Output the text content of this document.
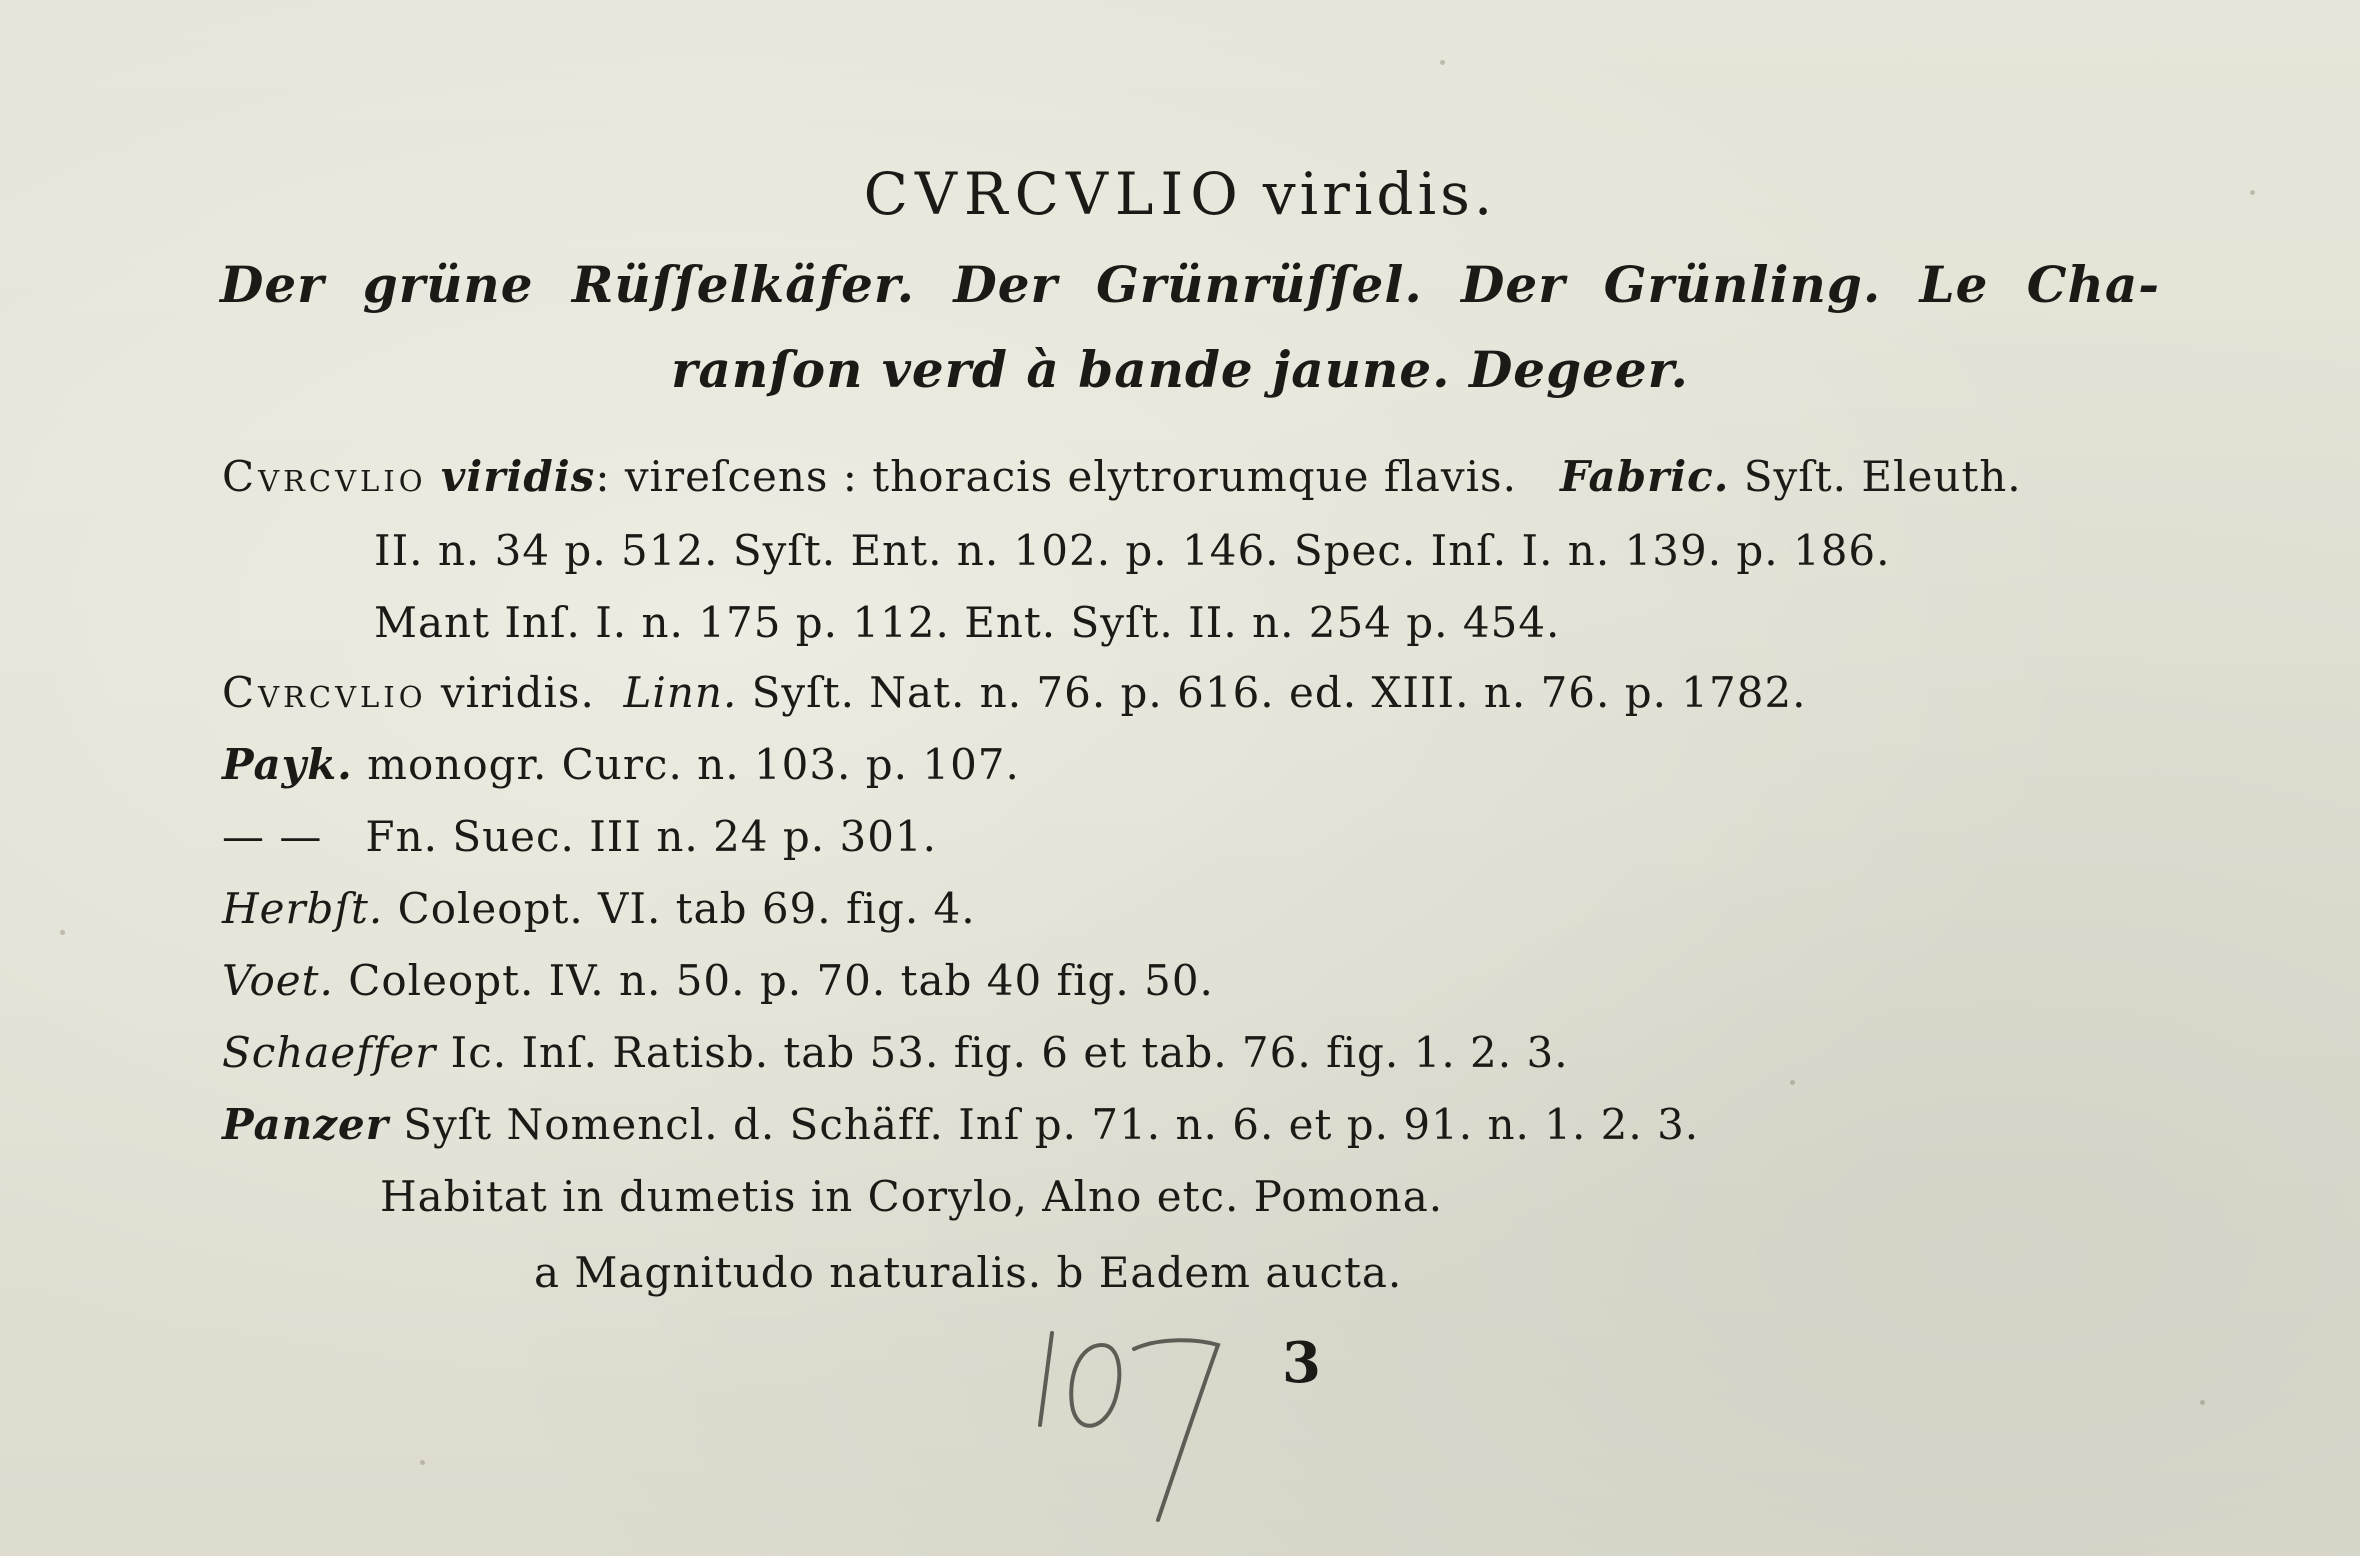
CVRCVLIO viridis.
Der grüne Rüſſelkäfer. Der Grünrüſſel. Der Grünling. Le Cha-
ranſon verd à bande jaune. Degeer.
Cvrcvlio viridis: vireſcens : thoracis elytrorumque flavis. Fabric. Syſt. Eleuth.
II. n. 34 p. 512. Syſt. Ent. n. 102. p. 146. Spec. Inſ. I. n. 139. p. 186.
Mant Inſ. I. n. 175 p. 112. Ent. Syſt. II. n. 254 p. 454.
Cvrcvlio viridis. Linn. Syſt. Nat. n. 76. p. 616. ed. XIII. n. 76. p. 1782.
Payk. monogr. Curc. n. 103. p. 107.
— — Fn. Suec. III n. 24 p. 301.
Herbſt. Coleopt. VI. tab 69. fig. 4.
Voet. Coleopt. IV. n. 50. p. 70. tab 40 fig. 50.
Schaeffer Ic. Inſ. Ratisb. tab 53. fig. 6 et tab. 76. fig. 1. 2. 3.
Panzer Syſt Nomencl. d. Schäff. Inſ p. 71. n. 6. et p. 91. n. 1. 2. 3.
Habitat in dumetis in Corylo, Alno etc. Pomona.
a Magnitudo naturalis. b Eadem aucta.
3
